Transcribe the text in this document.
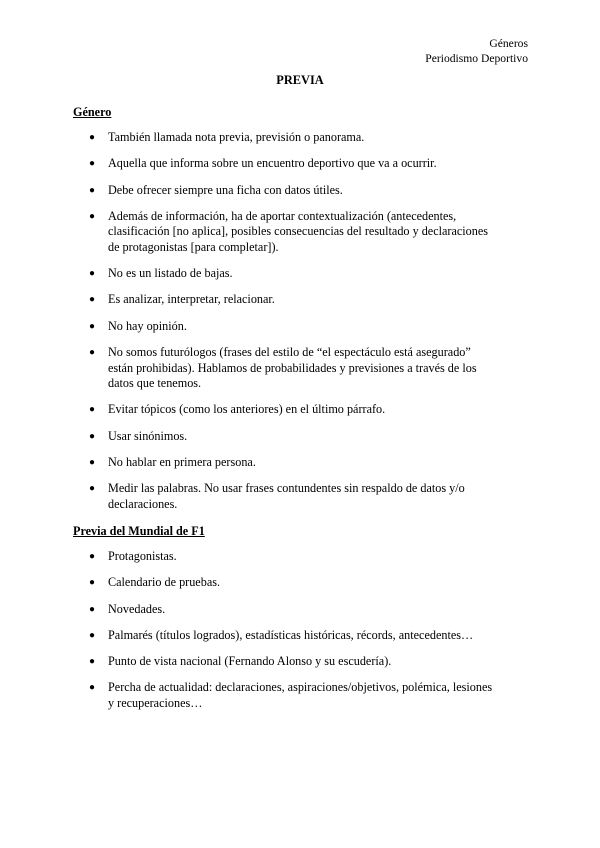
Géneros
Periodismo Deportivo
PREVIA
Género
● También llamada nota previa, previsión o panorama.
● Aquella que informa sobre un encuentro deportivo que va a ocurrir.
● Debe ofrecer siempre una ficha con datos útiles.
● Además de información, ha de aportar contextualización (antecedentes, clasificación [no aplica], posibles consecuencias del resultado y declaraciones de protagonistas [para completar]).
● No es un listado de bajas.
● Es analizar, interpretar, relacionar.
● No hay opinión.
● No somos futurólogos (frases del estilo de “el espectáculo está asegurado” están prohibidas). Hablamos de probabilidades y previsiones a través de los datos que tenemos.
● Evitar tópicos (como los anteriores) en el último párrafo.
● Usar sinónimos.
● No hablar en primera persona.
● Medir las palabras. No usar frases contundentes sin respaldo de datos y/o declaraciones.
Previa del Mundial de F1
● Protagonistas.
● Calendario de pruebas.
● Novedades.
● Palmarés (títulos logrados), estadísticas históricas, récords, antecedentes…
● Punto de vista nacional (Fernando Alonso y su escudería).
● Percha de actualidad: declaraciones, aspiraciones/objetivos, polémica, lesiones y recuperaciones…
